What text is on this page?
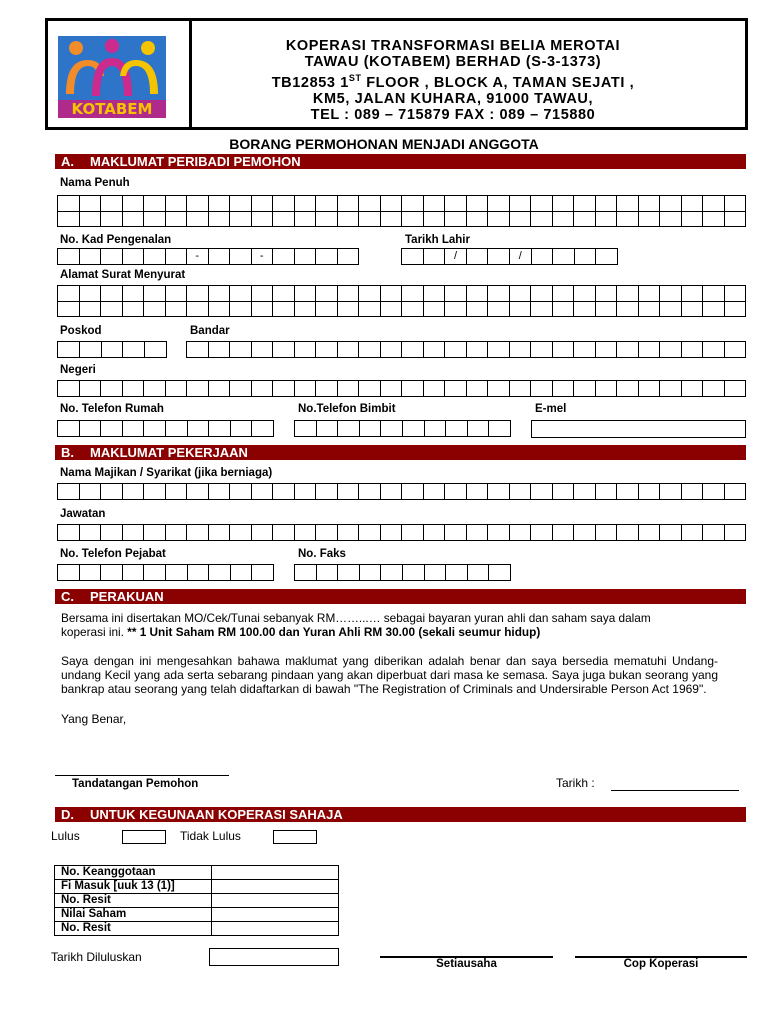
KOTABEM
KOPERASI TRANSFORMASI BELIA MEROTAI
TAWAU (KOTABEM) BERHAD (S-3-1373)
TB12853 1ST FLOOR , BLOCK A, TAMAN SEJATI ,
KM5, JALAN KUHARA, 91000 TAWAU,
TEL : 089 – 715879 FAX : 089 – 715880
BORANG PERMOHONAN MENJADI ANGGOTA
A. MAKLUMAT PERIBADI PEMOHON
Nama Penuh
No. Kad Pengenalan	Tarikh Lahir
-	-	/	/
Alamat Surat Menyurat
Poskod	Bandar
Negeri
No. Telefon Rumah	No.Telefon Bimbit	E-mel
B. MAKLUMAT PEKERJAAN
Nama Majikan / Syarikat (jika berniaga)
Jawatan
No. Telefon Pejabat	No. Faks
C. PERAKUAN
Bersama ini disertakan MO/Cek/Tunai sebanyak RM……...… sebagai bayaran yuran ahli dan saham saya dalam
koperasi ini. ** 1 Unit Saham RM 100.00 dan Yuran Ahli RM 30.00 (sekali seumur hidup)
Saya dengan ini mengesahkan bahawa maklumat yang diberikan adalah benar dan saya bersedia mematuhi Undang-undang Kecil yang ada serta sebarang pindaan yang akan diperbuat dari masa ke semasa. Saya juga bukan seorang yang bankrap atau seorang yang telah didaftarkan di bawah "The Registration of Criminals and Undersirable Person Act 1969".
Yang Benar,
Tandatangan Pemohon	Tarikh :
D. UNTUK KEGUNAAN KOPERASI SAHAJA
Lulus	Tidak Lulus
No. Keanggotaan	
Fi Masuk [uuk 13 (1)]	
No. Resit	
Nilai Saham	
No. Resit	
Tarikh Diluluskan	Setiausaha	Cop Koperasi
